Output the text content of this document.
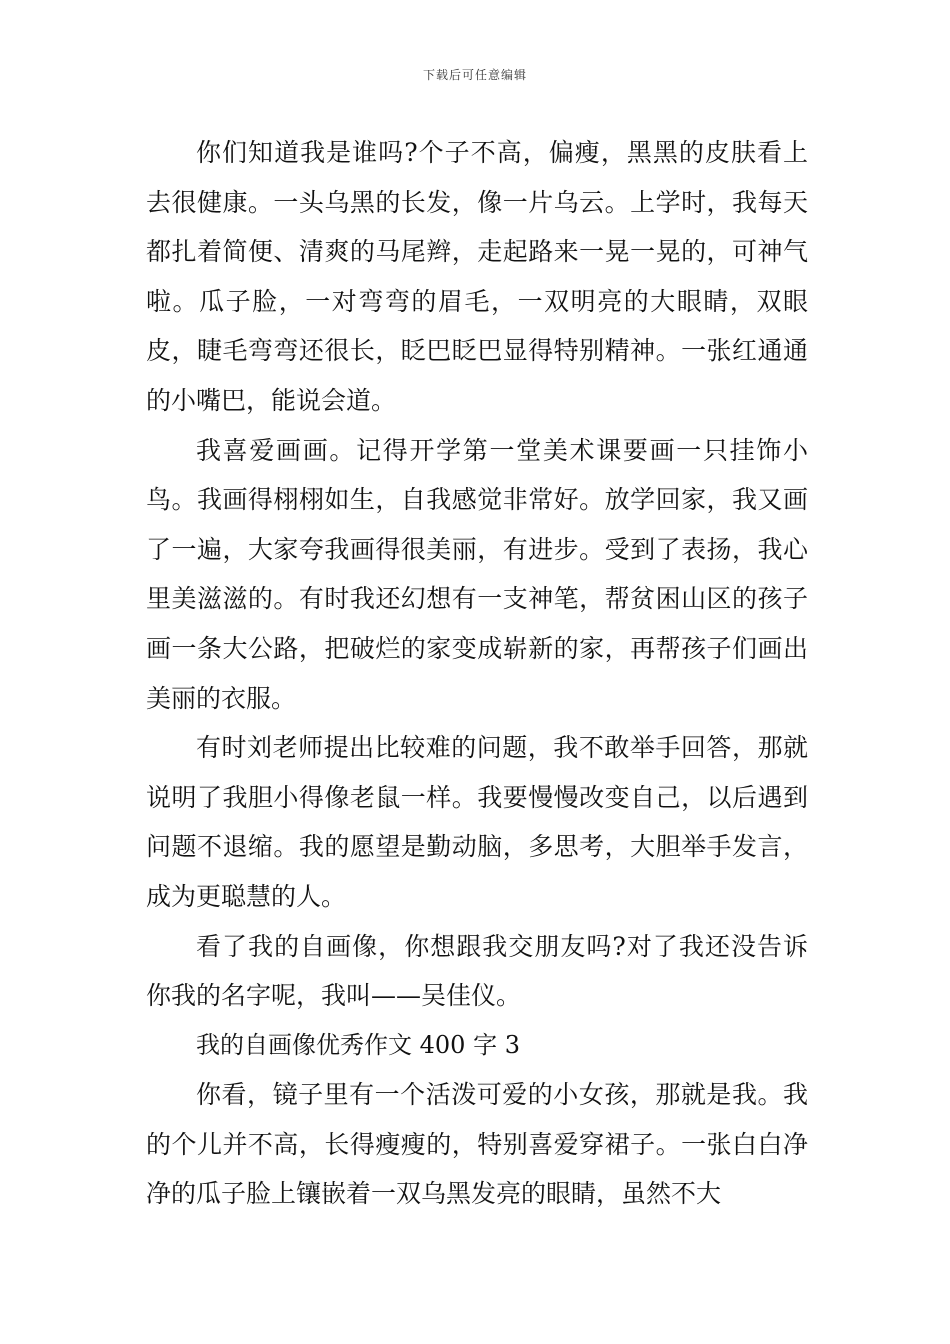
下载后可任意编辑

你们知道我是谁吗?个子不高，偏瘦，黑黑的皮肤看上去很健康。一头乌黑的长发，像一片乌云。上学时，我每天都扎着简便、清爽的马尾辫，走起路来一晃一晃的，可神气啦。瓜子脸，一对弯弯的眉毛，一双明亮的大眼睛，双眼皮，睫毛弯弯还很长，眨巴眨巴显得特别精神。一张红通通的小嘴巴，能说会道。

我喜爱画画。记得开学第一堂美术课要画一只挂饰小鸟。我画得栩栩如生，自我感觉非常好。放学回家，我又画了一遍，大家夸我画得很美丽，有进步。受到了表扬，我心里美滋滋的。有时我还幻想有一支神笔，帮贫困山区的孩子画一条大公路，把破烂的家变成崭新的家，再帮孩子们画出美丽的衣服。

有时刘老师提出比较难的问题，我不敢举手回答，那就说明了我胆小得像老鼠一样。我要慢慢改变自己，以后遇到问题不退缩。我的愿望是勤动脑，多思考，大胆举手发言，成为更聪慧的人。

看了我的自画像，你想跟我交朋友吗?对了我还没告诉你我的名字呢，我叫——吴佳仪。

我的自画像优秀作文 400 字 3

你看，镜子里有一个活泼可爱的小女孩，那就是我。我的个儿并不高，长得瘦瘦的，特别喜爱穿裙子。一张白白净净的瓜子脸上镶嵌着一双乌黑发亮的眼睛，虽然不大
